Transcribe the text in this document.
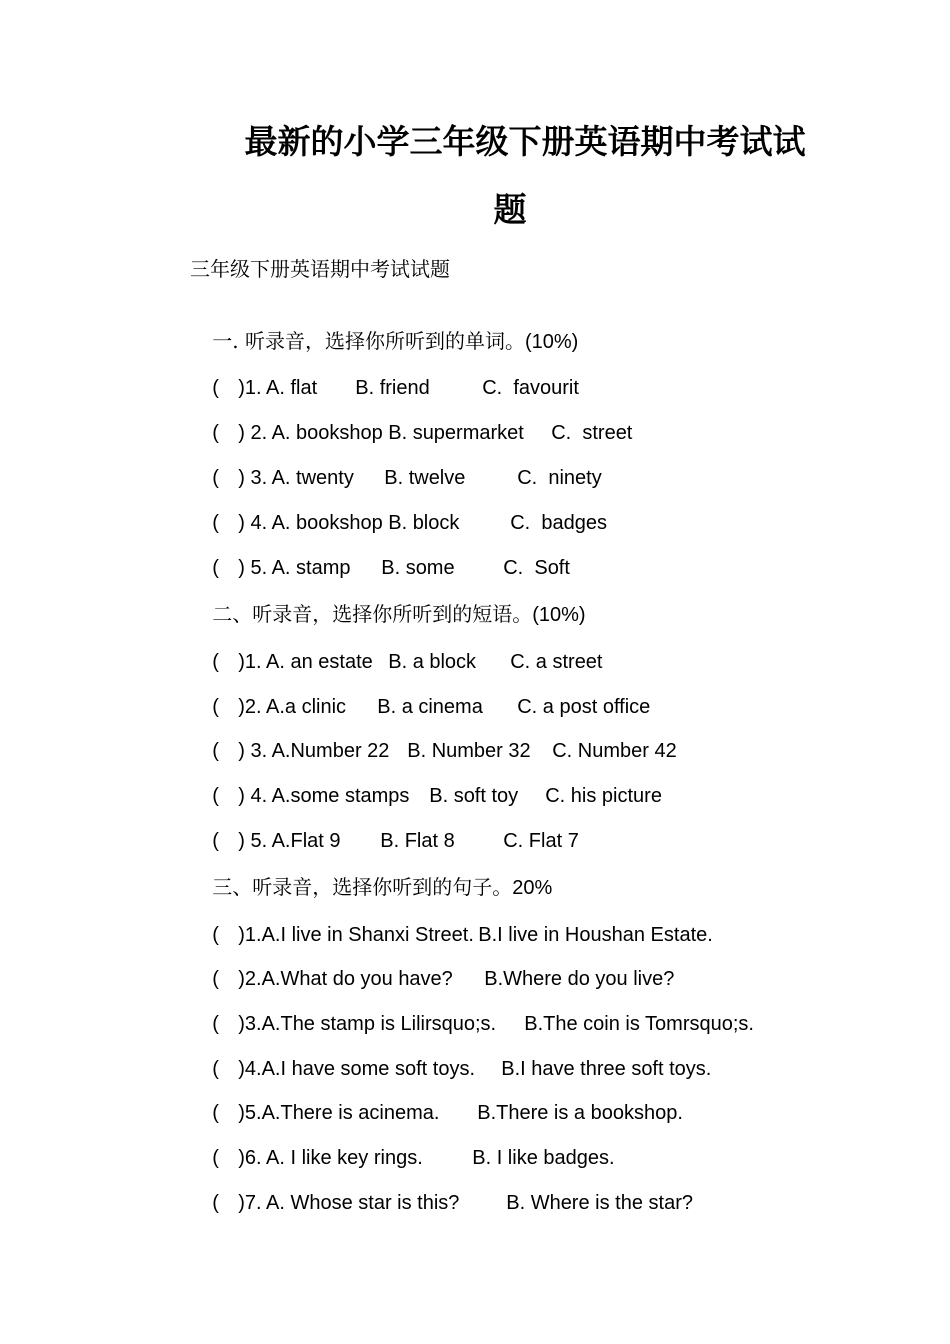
最新的小学三年级下册英语期中考试试
题
三年级下册英语期中考试试题

一. 听录音，选择你所听到的单词。(10%)

( )1. A. flat B. friend	C.  favourit

( ) 2. A. bookshop B. supermarket C.  street

( ) 3. A. twenty B. twelve	C.  ninety

( ) 4. A. bookshop B. block	C.  badges

( ) 5. A. stamp B. some C.  Soft

二、听录音，选择你所听到的短语。(10%)

( )1. A. an estate B. a block C. a street

( )2. A.a clinic B. a cinema C. a post office

( ) 3. A.Number 22 B. Number 32 C. Number 42

( ) 4. A.some stamps B. soft toy C. his picture

( ) 5. A.Flat 9 B. Flat 8 C. Flat 7

三、听录音，选择你听到的句子。20%

( )1.A.I live in Shanxi Street. B.I live in Houshan Estate.

( )2.A.What do you have? B.Where do you live?

( )3.A.The stamp is Lilirsquo;s. B.The coin is Tomrsquo;s.

( )4.A.I have some soft toys. B.I have three soft toys.

( )5.A.There is acinema. B.There is a bookshop.

( )6. A. I like key rings. B. I like badges.

( )7. A. Whose star is this? B. Where is the star?
